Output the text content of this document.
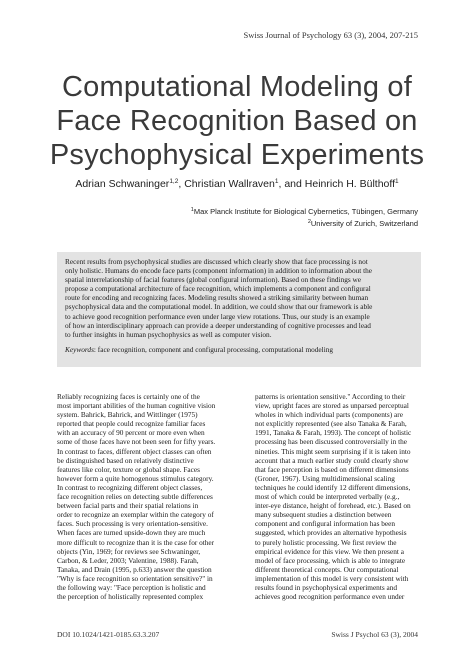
Swiss Journal of Psychology 63 (3), 2004, 207-215
Computational Modeling of
Face Recognition Based on
Psychophysical Experiments
Adrian Schwaninger$^{1,2}$, Christian Wallraven$^1$, and Heinrich H. Bülthoff$^1$
$^1$Max Planck Institute for Biological Cybernetics, Tübingen, Germany
$^2$University of Zurich, Switzerland

Recent results from psychophysical studies are discussed which clearly show that face processing is not

only holistic. Humans do encode face parts (component information) in addition to information about the

spatial interrelationship of facial features (global configural information). Based on these findings we

propose a computational architecture of face recognition, which implements a component and configural

route for encoding and recognizing faces. Modeling results showed a striking similarity between human

psychophysical data and the computational model. In addition, we could show that our framework is able

to achieve good recognition performance even under large view rotations. Thus, our study is an example

of how an interdisciplinary approach can provide a deeper understanding of cognitive processes and lead

to further insights in human psychophysics as well as computer vision.

Keywords: face recognition, component and configural processing, computational modeling

Reliably recognizing faces is certainly one of the
most important abilities of the human cognitive vision
system. Bahrick, Bahrick, and Wittlinger (1975)
reported that people could recognize familiar faces
with an accuracy of 90 percent or more even when
some of those faces have not been seen for fifty years.
In contrast to faces, different object classes can often
be distinguished based on relatively distinctive
features like color, texture or global shape. Faces
however form a quite homogenous stimulus category.
In contrast to recognizing different object classes,
face recognition relies on detecting subtle differences
between facial parts and their spatial relations in
order to recognize an exemplar within the category of
faces. Such processing is very orientation-sensitive.
When faces are turned upside-down they are much
more difficult to recognize than it is the case for other
objects (Yin, 1969; for reviews see Schwaninger,
Carbon, & Leder, 2003; Valentine, 1988). Farah,
Tanaka, and Drain (1995, p.633) answer the question
"Why is face recognition so orientation sensitive?" in
the following way: "Face perception is holistic and
the perception of holistically represented complex
patterns is orientation sensitive." According to their
view, upright faces are stored as unparsed perceptual
wholes in which individual parts (components) are
not explicitly represented (see also Tanaka & Farah,
1991, Tanaka & Farah, 1993). The concept of holistic
processing has been discussed controversially in the
nineties. This might seem surprising if it is taken into
account that a much earlier study could clearly show
that face perception is based on different dimensions
(Groner, 1967). Using multidimensional scaling
techniques he could identify 12 different dimensions,
most of which could be interpreted verbally (e.g.,
inter-eye distance, height of forehead, etc.). Based on
many subsequent studies a distinction between
component and configural information has been
suggested, which provides an alternative hypothesis
to purely holistic processing. We first review the
empirical evidence for this view. We then present a
model of face processing, which is able to integrate
different theoretical concepts. Our computational
implementation of this model is very consistent with
results found in psychophysical experiments and
achieves good recognition performance even under
DOI 10.1024/1421-0185.63.3.207	Swiss J Psychol 63 (3), 2004
